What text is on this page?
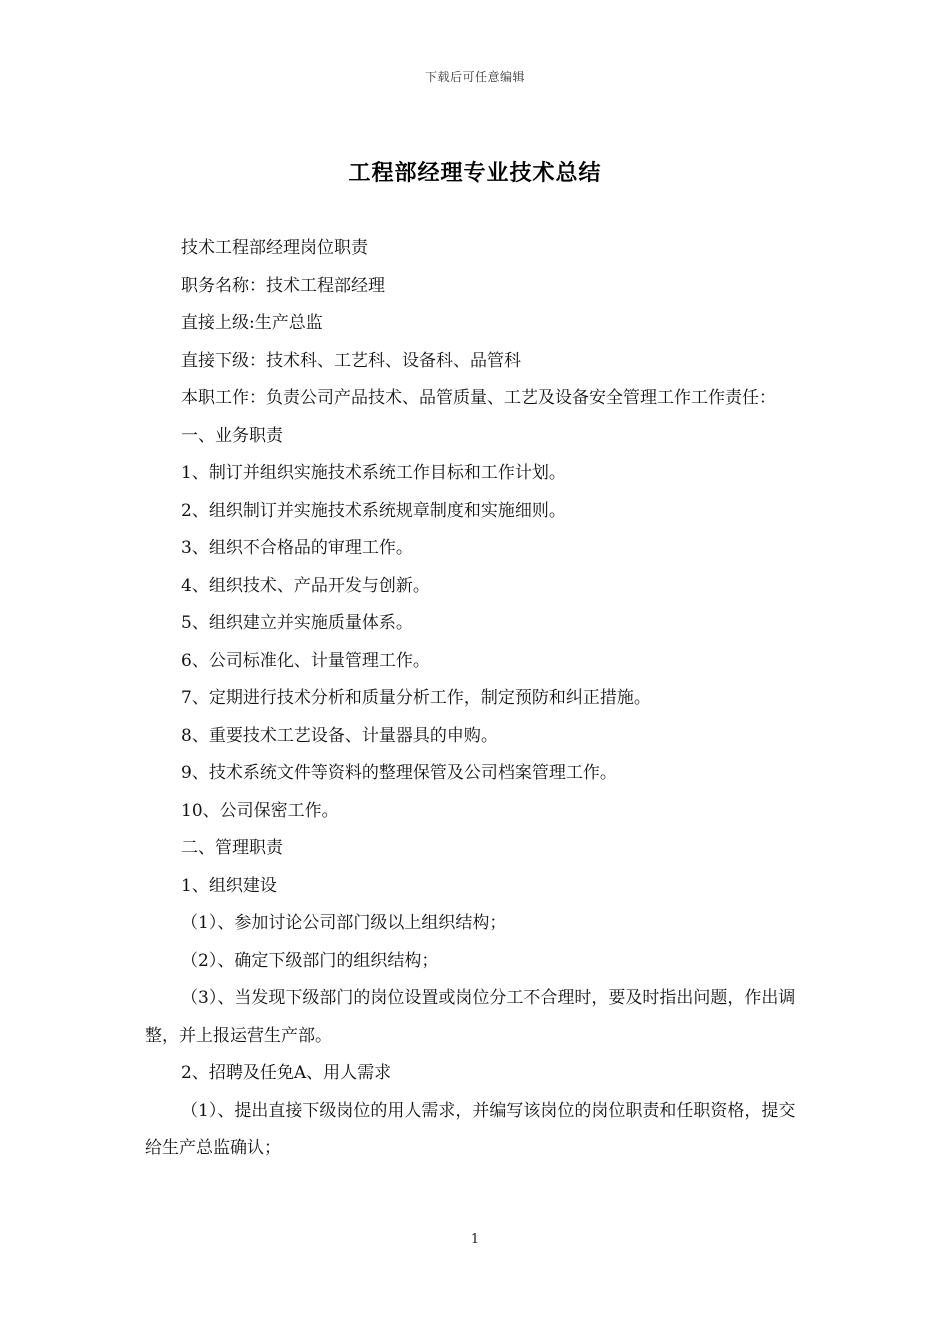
下载后可任意编辑
工程部经理专业技术总结

技术工程部经理岗位职责

职务名称：技术工程部经理

直接上级:生产总监

直接下级：技术科、工艺科、设备科、品管科

本职工作：负责公司产品技术、品管质量、工艺及设备安全管理工作工作责任：

一、业务职责

1、制订并组织实施技术系统工作目标和工作计划。

2、组织制订并实施技术系统规章制度和实施细则。

3、组织不合格品的审理工作。

4、组织技术、产品开发与创新。

5、组织建立并实施质量体系。

6、公司标准化、计量管理工作。

7、定期进行技术分析和质量分析工作，制定预防和纠正措施。

8、重要技术工艺设备、计量器具的申购。

9、技术系统文件等资料的整理保管及公司档案管理工作。

10、公司保密工作。

二、管理职责

1、组织建设

（1）、参加讨论公司部门级以上组织结构；

（2）、确定下级部门的组织结构；

（3）、当发现下级部门的岗位设置或岗位分工不合理时，要及时指出问题，作出调整，并上报运营生产部。

2、招聘及任免A、用人需求

（1）、提出直接下级岗位的用人需求，并编写该岗位的岗位职责和任职资格，提交给生产总监确认；

1
